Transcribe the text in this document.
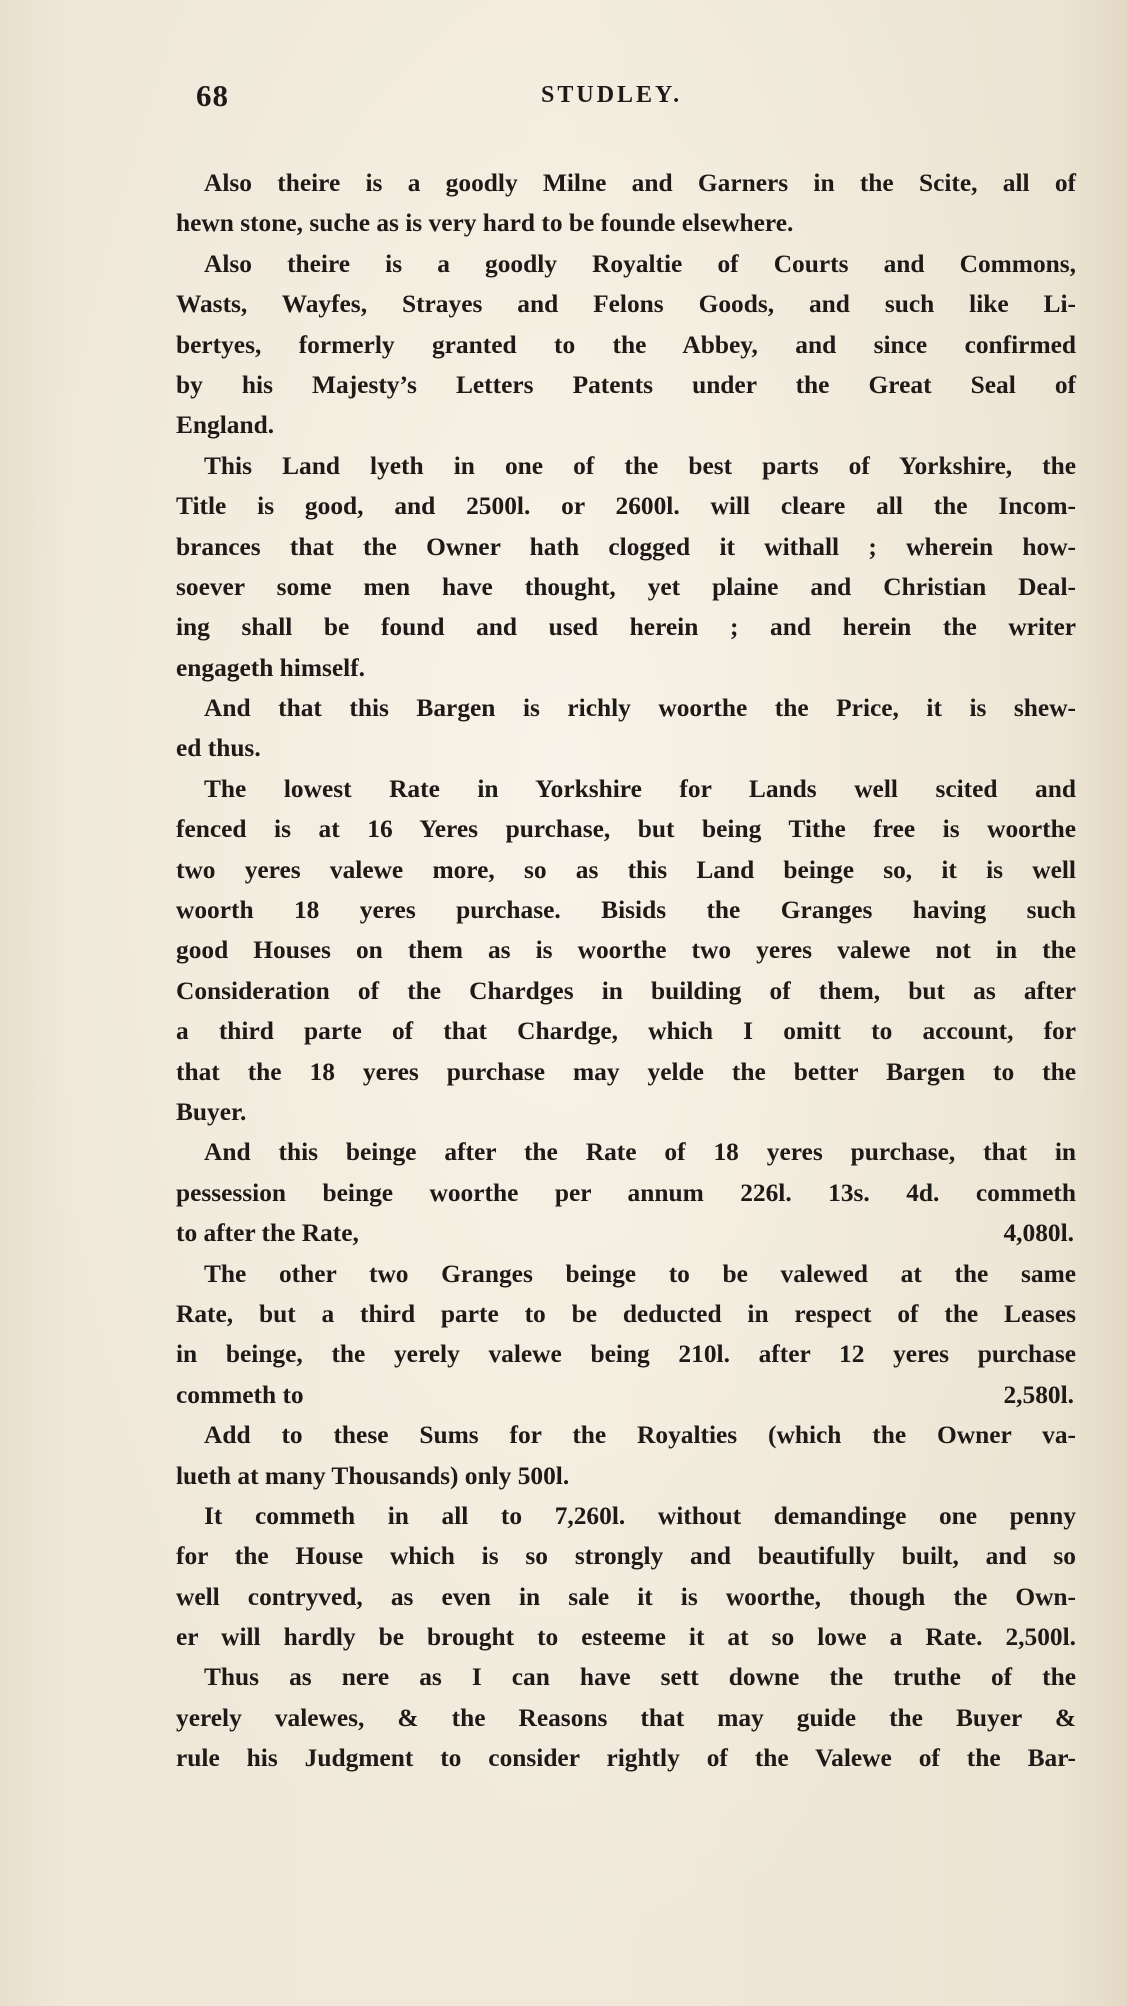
68	STUDLEY.
Also theire is a goodly Milne and Garners in the Scite, all of
hewn stone, suche as is very hard to be founde elsewhere.
Also theire is a goodly Royaltie of Courts and Commons,
Wasts, Wayfes, Strayes and Felons Goods, and such like Li-
bertyes, formerly granted to the Abbey, and since confirmed
by his Majesty’s Letters Patents under the Great Seal of
England.
This Land lyeth in one of the best parts of Yorkshire, the
Title is good, and 2500l. or 2600l. will cleare all the Incom-
brances that the Owner hath clogged it withall ; wherein how-
soever some men have thought, yet plaine and Christian Deal-
ing shall be found and used herein ; and herein the writer
engageth himself.
And that this Bargen is richly woorthe the Price, it is shew-
ed thus.
The lowest Rate in Yorkshire for Lands well scited and
fenced is at 16 Yeres purchase, but being Tithe free is woorthe
two yeres valewe more, so as this Land beinge so, it is well
woorth 18 yeres purchase. Bisids the Granges having such
good Houses on them as is woorthe two yeres valewe not in the
Consideration of the Chardges in building of them, but as after
a third parte of that Chardge, which I omitt to account, for
that the 18 yeres purchase may yelde the better Bargen to the
Buyer.
And this beinge after the Rate of 18 yeres purchase, that in
pessession beinge woorthe per annum 226l. 13s. 4d. commeth
to after the Rate,	4,080l.
The other two Granges beinge to be valewed at the same
Rate, but a third parte to be deducted in respect of the Leases
in beinge, the yerely valewe being 210l. after 12 yeres purchase
commeth to	2,580l.
Add to these Sums for the Royalties (which the Owner va-
lueth at many Thousands) only 500l.
It commeth in all to 7,260l. without demandinge one penny
for the House which is so strongly and beautifully built, and so
well contryved, as even in sale it is woorthe, though the Own-
er will hardly be brought to esteeme it at so lowe a Rate. 2,500l.
Thus as nere as I can have sett downe the truthe of the
yerely valewes, & the Reasons that may guide the Buyer &
rule his Judgment to consider rightly of the Valewe of the Bar-
